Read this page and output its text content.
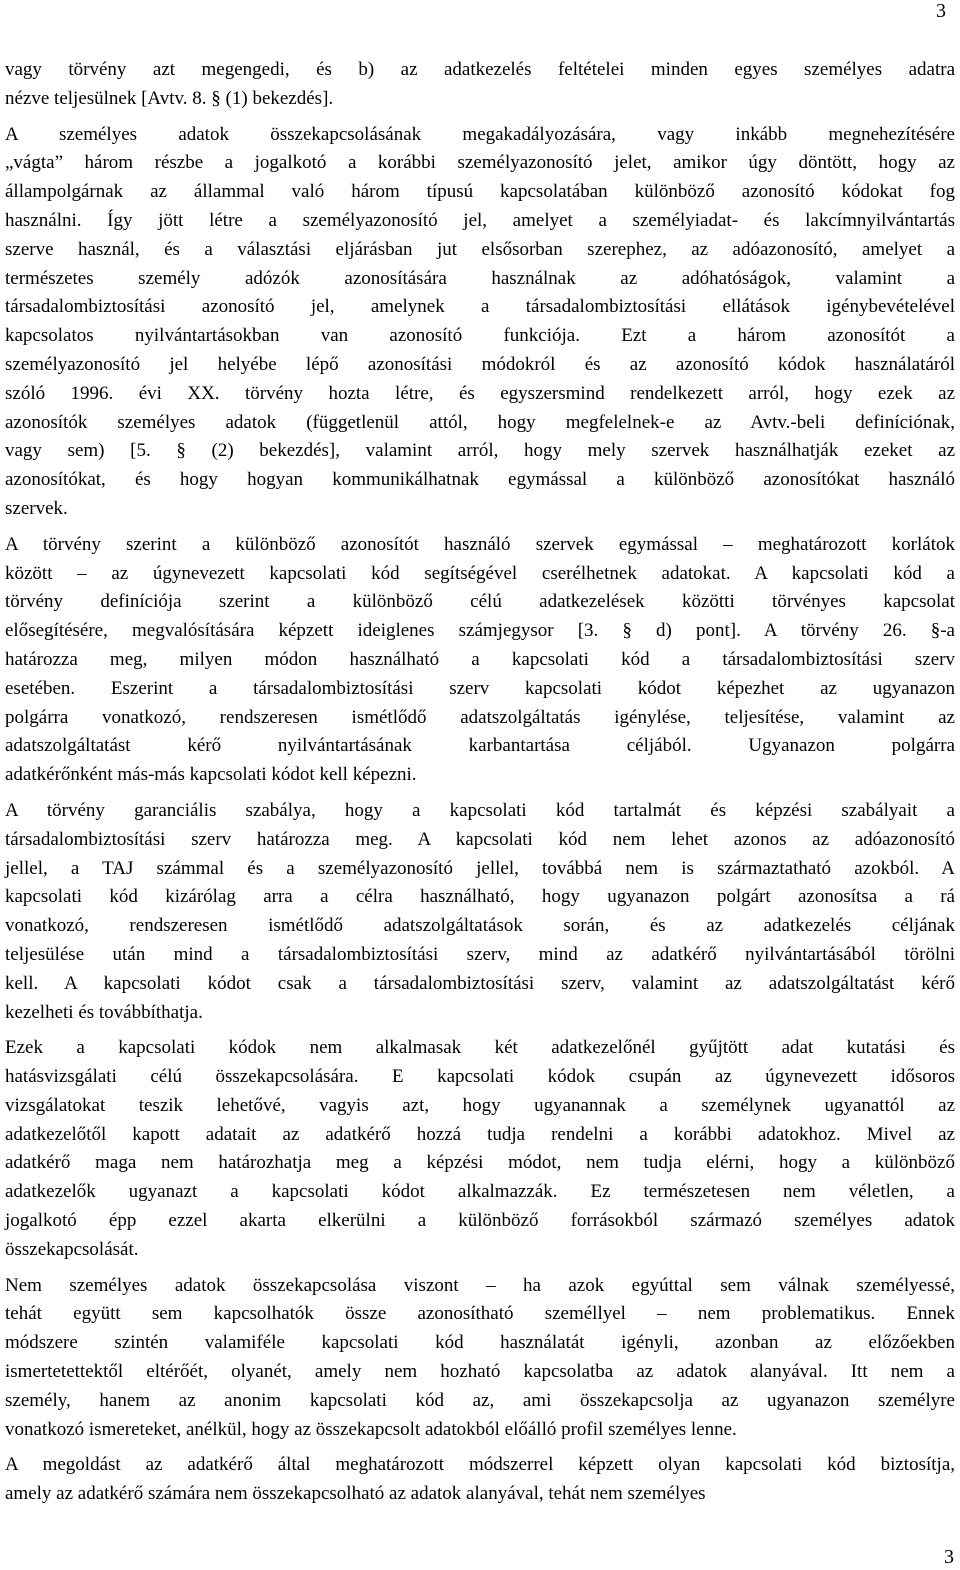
3

vagy törvény azt megengedi, és b) az adatkezelés feltételei minden egyes személyes adatra
nézve teljesülnek [Avtv. 8. § (1) bekezdés].

A személyes adatok összekapcsolásának megakadályozására, vagy inkább megnehezítésére
„vágta” három részbe a jogalkotó a korábbi személyazonosító jelet, amikor úgy döntött, hogy az
állampolgárnak az állammal való három típusú kapcsolatában különböző azonosító kódokat fog
használni. Így jött létre a személyazonosító jel, amelyet a személyiadat- és lakcímnyilvántartás
szerve használ, és a választási eljárásban jut elsősorban szerephez, az adóazonosító, amelyet a
természetes személy adózók azonosítására használnak az adóhatóságok, valamint a
társadalombiztosítási azonosító jel, amelynek a társadalombiztosítási ellátások igénybevételével
kapcsolatos nyilvántartásokban van azonosító funkciója. Ezt a három azonosítót a
személyazonosító jel helyébe lépő azonosítási módokról és az azonosító kódok használatáról
szóló 1996. évi XX. törvény hozta létre, és egyszersmind rendelkezett arról, hogy ezek az
azonosítók személyes adatok (függetlenül attól, hogy megfelelnek-e az Avtv.-beli definíciónak,
vagy sem) [5. § (2) bekezdés], valamint arról, hogy mely szervek használhatják ezeket az
azonosítókat, és hogy hogyan kommunikálhatnak egymással a különböző azonosítókat használó
szervek.

A törvény szerint a különböző azonosítót használó szervek egymással – meghatározott korlátok
között – az úgynevezett kapcsolati kód segítségével cserélhetnek adatokat. A kapcsolati kód a
törvény definíciója szerint a különböző célú adatkezelések közötti törvényes kapcsolat
elősegítésére, megvalósítására képzett ideiglenes számjegysor [3. § d) pont]. A törvény 26. §-a
határozza meg, milyen módon használható a kapcsolati kód a társadalombiztosítási szerv
esetében. Eszerint a társadalombiztosítási szerv kapcsolati kódot képezhet az ugyanazon
polgárra vonatkozó, rendszeresen ismétlődő adatszolgáltatás igénylése, teljesítése, valamint az
adatszolgáltatást kérő nyilvántartásának karbantartása céljából. Ugyanazon polgárra
adatkérőnként más-más kapcsolati kódot kell képezni.

A törvény garanciális szabálya, hogy a kapcsolati kód tartalmát és képzési szabályait a
társadalombiztosítási szerv határozza meg. A kapcsolati kód nem lehet azonos az adóazonosító
jellel, a TAJ számmal és a személyazonosító jellel, továbbá nem is származtatható azokból. A
kapcsolati kód kizárólag arra a célra használható, hogy ugyanazon polgárt azonosítsa a rá
vonatkozó, rendszeresen ismétlődő adatszolgáltatások során, és az adatkezelés céljának
teljesülése után mind a társadalombiztosítási szerv, mind az adatkérő nyilvántartásából törölni
kell. A kapcsolati kódot csak a társadalombiztosítási szerv, valamint az adatszolgáltatást kérő
kezelheti és továbbíthatja.

Ezek a kapcsolati kódok nem alkalmasak két adatkezelőnél gyűjtött adat kutatási és
hatásvizsgálati célú összekapcsolására. E kapcsolati kódok csupán az úgynevezett idősoros
vizsgálatokat teszik lehetővé, vagyis azt, hogy ugyanannak a személynek ugyanattól az
adatkezelőtől kapott adatait az adatkérő hozzá tudja rendelni a korábbi adatokhoz. Mivel az
adatkérő maga nem határozhatja meg a képzési módot, nem tudja elérni, hogy a különböző
adatkezelők ugyanazt a kapcsolati kódot alkalmazzák. Ez természetesen nem véletlen, a
jogalkotó épp ezzel akarta elkerülni a különböző forrásokból származó személyes adatok
összekapcsolását.

Nem személyes adatok összekapcsolása viszont – ha azok egyúttal sem válnak személyessé,
tehát együtt sem kapcsolhatók össze azonosítható személlyel – nem problematikus. Ennek
módszere szintén valamiféle kapcsolati kód használatát igényli, azonban az előzőekben
ismertetettektől eltérőét, olyanét, amely nem hozható kapcsolatba az adatok alanyával. Itt nem a
személy, hanem az anonim kapcsolati kód az, ami összekapcsolja az ugyanazon személyre
vonatkozó ismereteket, anélkül, hogy az összekapcsolt adatokból előálló profil személyes lenne.

A megoldást az adatkérő által meghatározott módszerrel képzett olyan kapcsolati kód biztosítja,
amely az adatkérő számára nem összekapcsolható az adatok alanyával, tehát nem személyes

3
